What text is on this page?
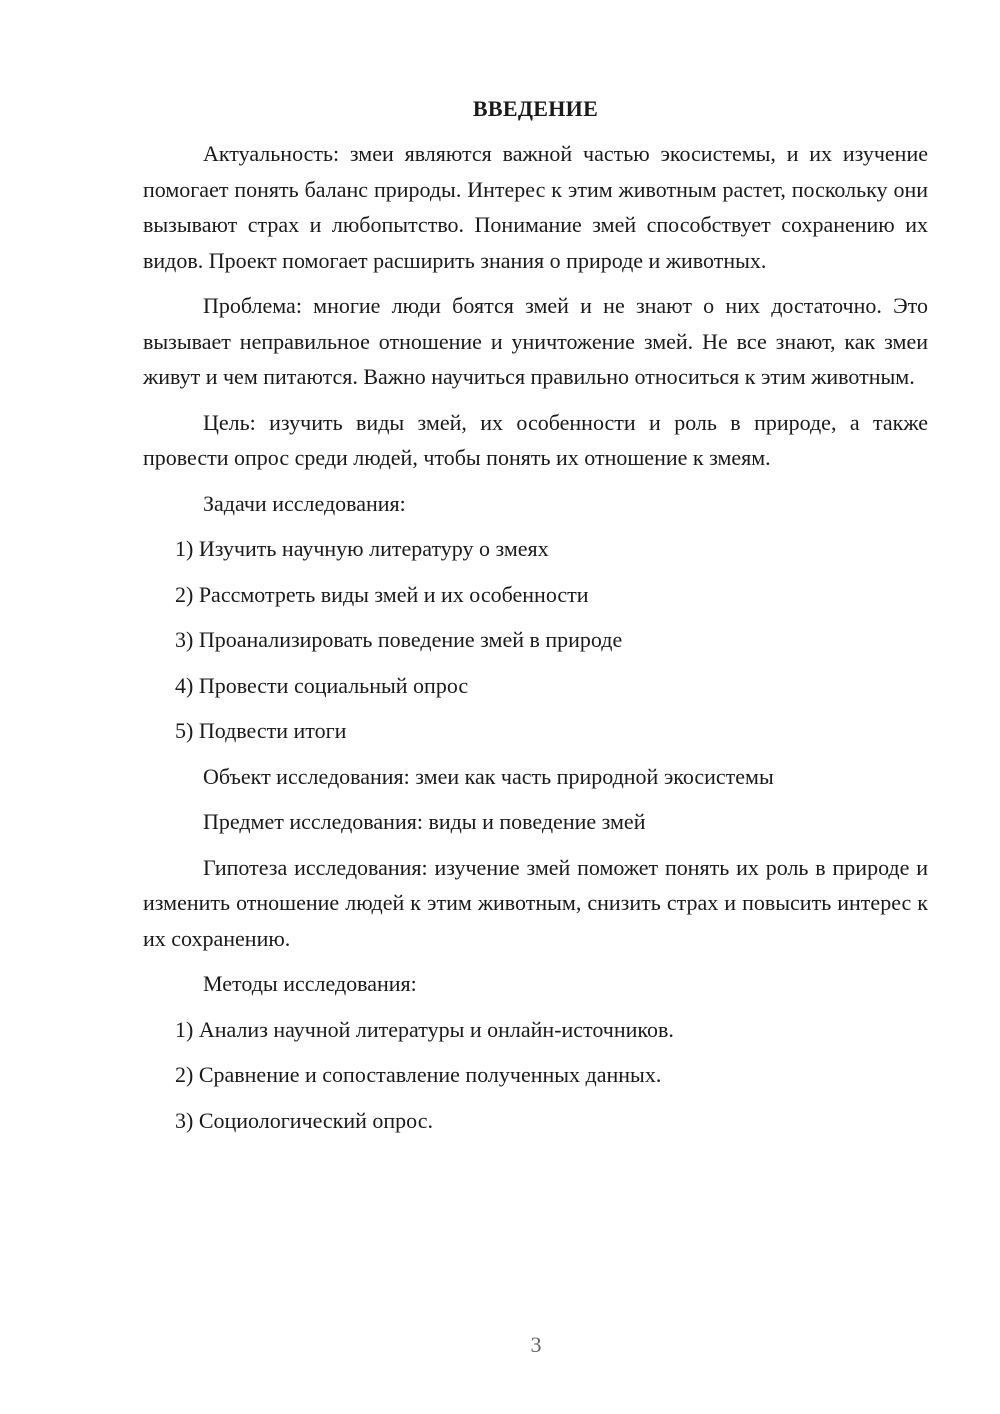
ВВЕДЕНИЕ

Актуальность: змеи являются важной частью экосистемы, и их изучение помогает понять баланс природы. Интерес к этим животным растет, поскольку они вызывают страх и любопытство. Понимание змей способствует сохранению их видов. Проект помогает расширить знания о природе и животных.

Проблема: многие люди боятся змей и не знают о них достаточно. Это вызывает неправильное отношение и уничтожение змей. Не все знают, как змеи живут и чем питаются. Важно научиться правильно относиться к этим животным.

Цель: изучить виды змей, их особенности и роль в природе, а также провести опрос среди людей, чтобы понять их отношение к змеям.

Задачи исследования:

1) Изучить научную литературу о змеях

2) Рассмотреть виды змей и их особенности

3) Проанализировать поведение змей в природе

4) Провести социальный опрос

5) Подвести итоги

Объект исследования: змеи как часть природной экосистемы

Предмет исследования: виды и поведение змей

Гипотеза исследования: изучение змей поможет понять их роль в природе и изменить отношение людей к этим животным, снизить страх и повысить интерес к их сохранению.

Методы исследования:

1) Анализ научной литературы и онлайн-источников.

2) Сравнение и сопоставление полученных данных.

3) Социологический опрос.

3
